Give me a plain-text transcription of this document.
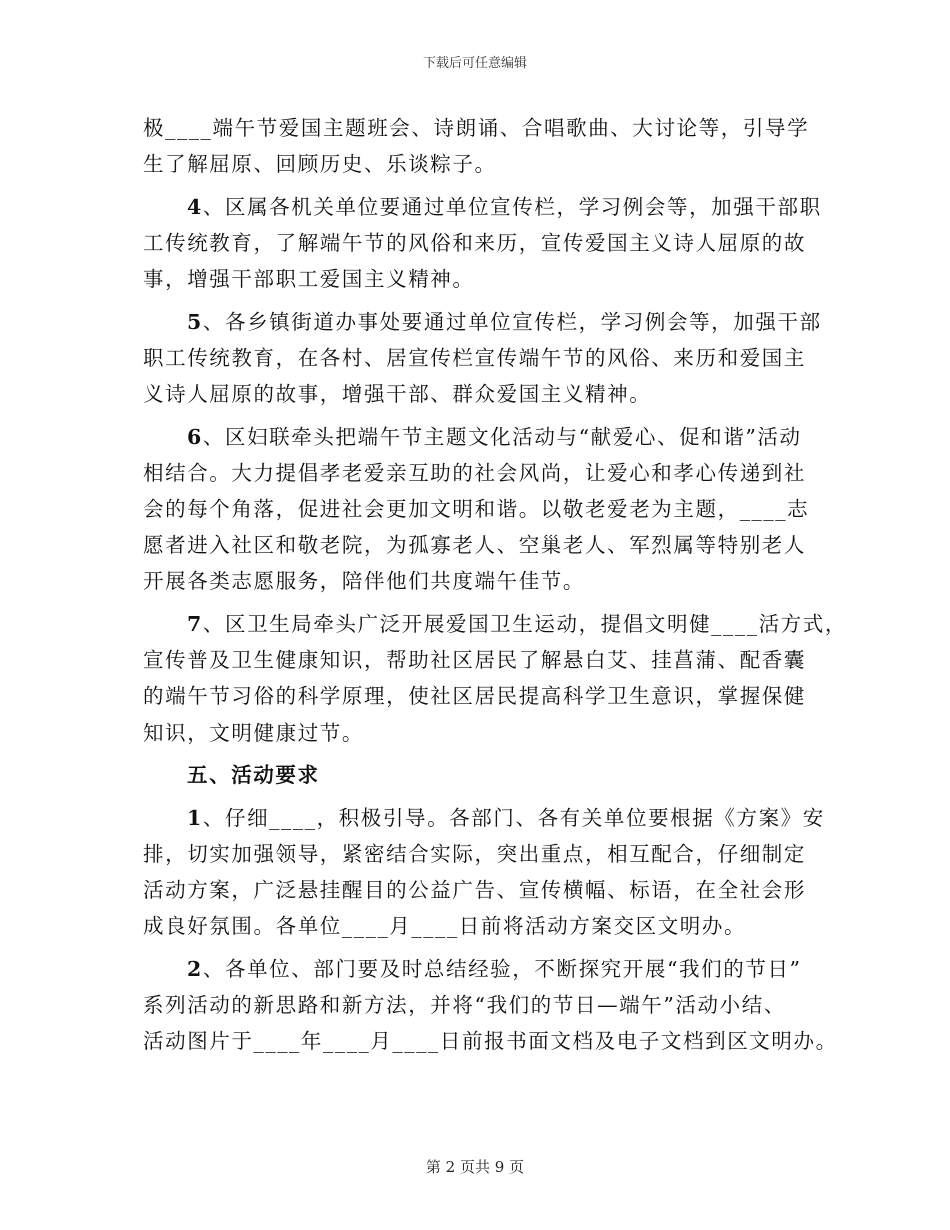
下载后可任意编辑
极____端午节爱国主题班会、诗朗诵、合唱歌曲、大讨论等，引导学
生了解屈原、回顾历史、乐谈粽子。
4、区属各机关单位要通过单位宣传栏，学习例会等，加强干部职
工传统教育，了解端午节的风俗和来历，宣传爱国主义诗人屈原的故
事，增强干部职工爱国主义精神。
5、各乡镇街道办事处要通过单位宣传栏，学习例会等，加强干部
职工传统教育，在各村、居宣传栏宣传端午节的风俗、来历和爱国主
义诗人屈原的故事，增强干部、群众爱国主义精神。
6、区妇联牵头把端午节主题文化活动与“献爱心、促和谐”活动
相结合。大力提倡孝老爱亲互助的社会风尚，让爱心和孝心传递到社
会的每个角落，促进社会更加文明和谐。以敬老爱老为主题，____志
愿者进入社区和敬老院，为孤寡老人、空巢老人、军烈属等特别老人
开展各类志愿服务，陪伴他们共度端午佳节。
7、区卫生局牵头广泛开展爱国卫生运动，提倡文明健____活方式，
宣传普及卫生健康知识，帮助社区居民了解悬白艾、挂菖蒲、配香囊
的端午节习俗的科学原理，使社区居民提高科学卫生意识，掌握保健
知识，文明健康过节。
五、活动要求
1、仔细____，积极引导。各部门、各有关单位要根据《方案》安
排，切实加强领导，紧密结合实际，突出重点，相互配合，仔细制定
活动方案，广泛悬挂醒目的公益广告、宣传横幅、标语，在全社会形
成良好氛围。各单位____月____日前将活动方案交区文明办。
2、各单位、部门要及时总结经验，不断探究开展“我们的节日”
系列活动的新思路和新方法，并将“我们的节日—端午”活动小结、
活动图片于____年____月____日前报书面文档及电子文档到区文明办。
第 2 页共 9 页
